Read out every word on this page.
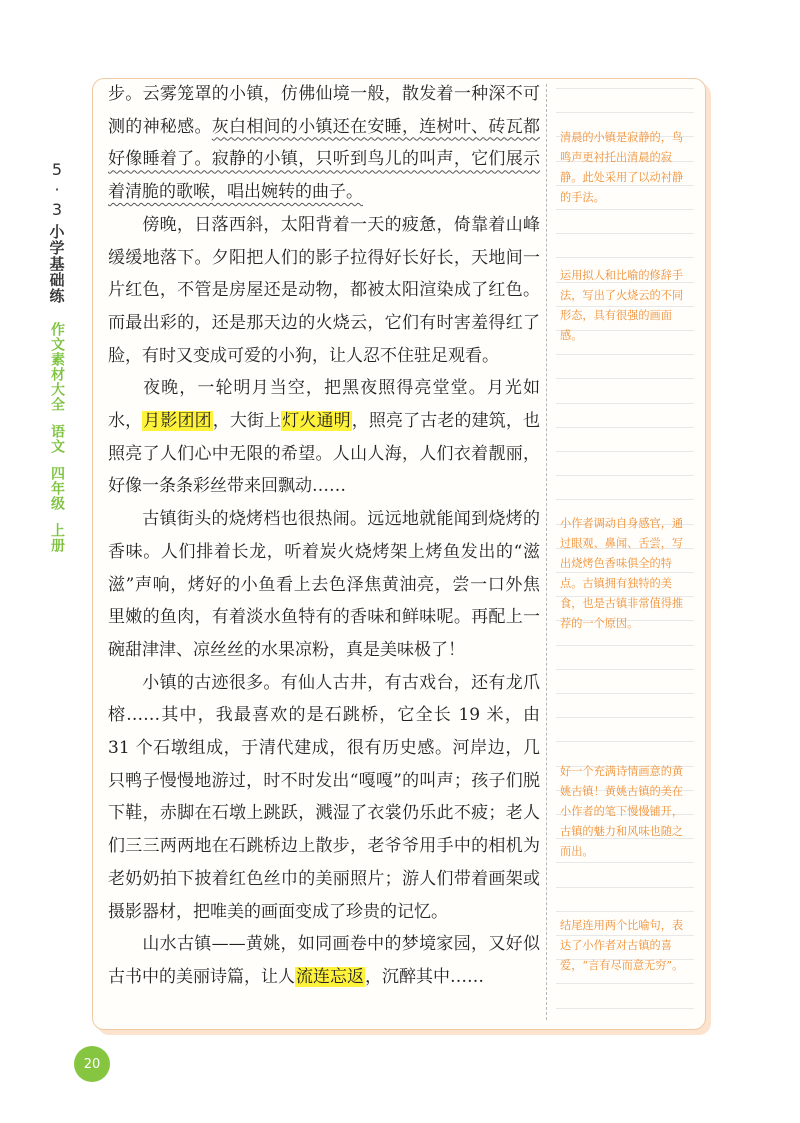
5·3
小学基础练
作文素材大全
语文
四年级
上册

步。云雾笼罩的小镇，仿佛仙境一般，散发着一种深不可测的神秘感。灰白相间的小镇还在安睡，连树叶、砖瓦都好像睡着了。寂静的小镇，只听到鸟儿的叫声，它们展示着清脆的歌喉，唱出婉转的曲子。

傍晚，日落西斜，太阳背着一天的疲惫，倚靠着山峰缓缓地落下。夕阳把人们的影子拉得好长好长，天地间一片红色，不管是房屋还是动物，都被太阳渲染成了红色。而最出彩的，还是那天边的火烧云，它们有时害羞得红了脸，有时又变成可爱的小狗，让人忍不住驻足观看。

夜晚，一轮明月当空，把黑夜照得亮堂堂。月光如水，月影团团，大街上灯火通明，照亮了古老的建筑，也照亮了人们心中无限的希望。人山人海，人们衣着靓丽，好像一条条彩丝带来回飘动……

古镇街头的烧烤档也很热闹。远远地就能闻到烧烤的香味。人们排着长龙，听着炭火烧烤架上烤鱼发出的“滋滋”声响，烤好的小鱼看上去色泽焦黄油亮，尝一口外焦里嫩的鱼肉，有着淡水鱼特有的香味和鲜味呢。再配上一碗甜津津、凉丝丝的水果凉粉，真是美味极了！

小镇的古迹很多。有仙人古井，有古戏台，还有龙爪榕……其中，我最喜欢的是石跳桥，它全长 19 米，由 31 个石墩组成，于清代建成，很有历史感。河岸边，几只鸭子慢慢地游过，时不时发出“嘎嘎”的叫声；孩子们脱下鞋，赤脚在石墩上跳跃，溅湿了衣裳仍乐此不疲；老人们三三两两地在石跳桥边上散步，老爷爷用手中的相机为老奶奶拍下披着红色丝巾的美丽照片；游人们带着画架或摄影器材，把唯美的画面变成了珍贵的记忆。

山水古镇——黄姚，如同画卷中的梦境家园，又好似古书中的美丽诗篇，让人流连忘返，沉醉其中……

清晨的小镇是寂静的，鸟鸣声更衬托出清晨的寂静。此处采用了以动衬静的手法。
运用拟人和比喻的修辞手法，写出了火烧云的不同形态，具有很强的画面感。
小作者调动自身感官，通过眼观、鼻闻、舌尝，写出烧烤色香味俱全的特点。古镇拥有独特的美食，也是古镇非常值得推荐的一个原因。
好一个充满诗情画意的黄姚古镇！黄姚古镇的美在小作者的笔下慢慢铺开，古镇的魅力和风味也随之而出。
结尾连用两个比喻句，表达了小作者对古镇的喜爱，“言有尽而意无穷”。
20
